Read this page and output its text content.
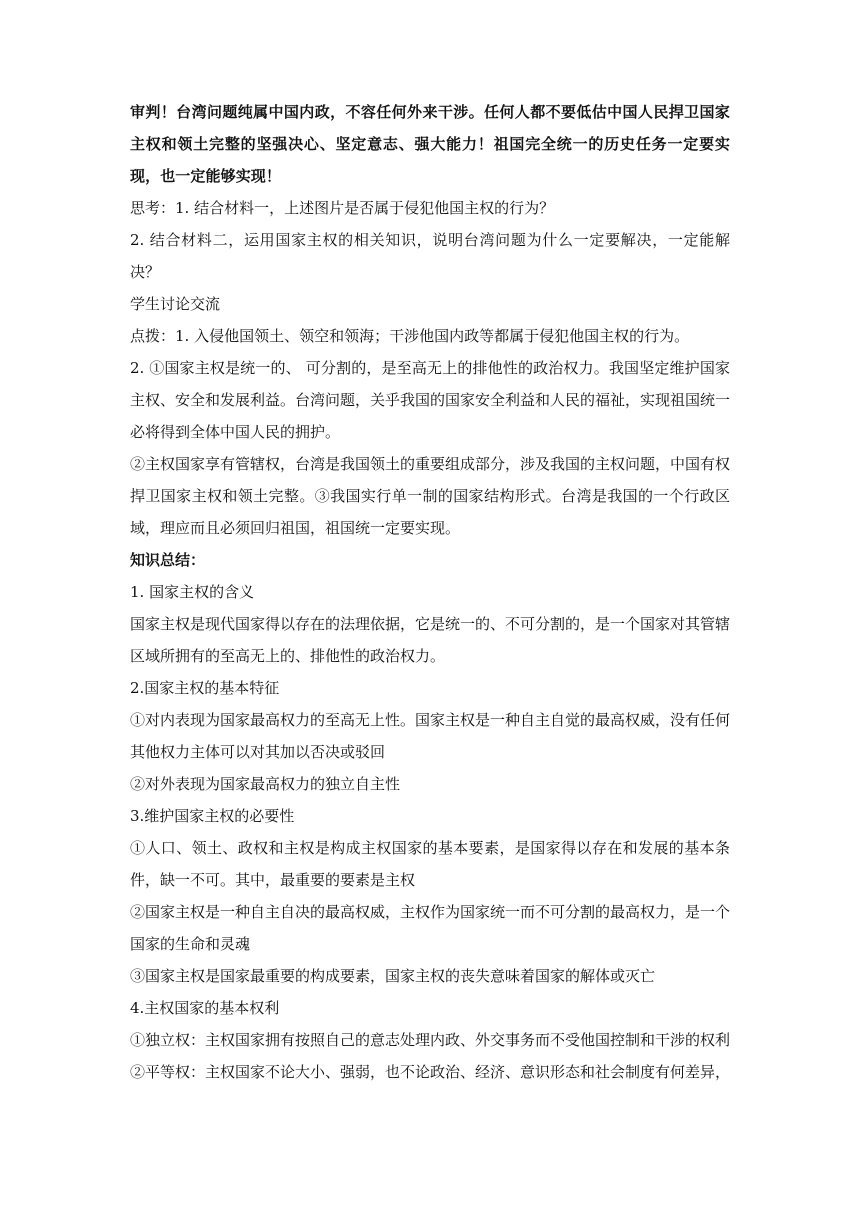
审判！台湾问题纯属中国内政，不容任何外来干涉。任何人都不要低估中国人民捍卫国家主权和领土完整的坚强决心、坚定意志、强大能力！祖国完全统一的历史任务一定要实现，也一定能够实现！

思考：1. 结合材料一，上述图片是否属于侵犯他国主权的行为？

2. 结合材料二，运用国家主权的相关知识，说明台湾问题为什么一定要解决，一定能解决？

学生讨论交流

点拨：1. 入侵他国领土、领空和领海；干涉他国内政等都属于侵犯他国主权的行为。

2. ①国家主权是统一的、 可分割的，是至高无上的排他性的政治权力。我国坚定维护国家主权、安全和发展利益。台湾问题，关乎我国的国家安全利益和人民的福祉，实现祖国统一必将得到全体中国人民的拥护。

②主权国家享有管辖权，台湾是我国领土的重要组成部分，涉及我国的主权问题，中国有权捍卫国家主权和领土完整。③我国实行单一制的国家结构形式。台湾是我国的一个行政区域，理应而且必须回归祖国，祖国统一定要实现。

知识总结：

1. 国家主权的含义

国家主权是现代国家得以存在的法理依据，它是统一的、不可分割的，是一个国家对其管辖区域所拥有的至高无上的、排他性的政治权力。

2.国家主权的基本特征

①对内表现为国家最高权力的至高无上性。国家主权是一种自主自觉的最高权威，没有任何其他权力主体可以对其加以否决或驳回

②对外表现为国家最高权力的独立自主性

3.维护国家主权的必要性

①人口、领土、政权和主权是构成主权国家的基本要素，是国家得以存在和发展的基本条件，缺一不可。其中，最重要的要素是主权

②国家主权是一种自主自决的最高权威，主权作为国家统一而不可分割的最高权力，是一个国家的生命和灵魂

③国家主权是国家最重要的构成要素，国家主权的丧失意味着国家的解体或灭亡

4.主权国家的基本权利

①独立权：主权国家拥有按照自己的意志处理内政、外交事务而不受他国控制和干涉的权利

②平等权：主权国家不论大小、强弱，也不论政治、经济、意识形态和社会制度有何差异，
